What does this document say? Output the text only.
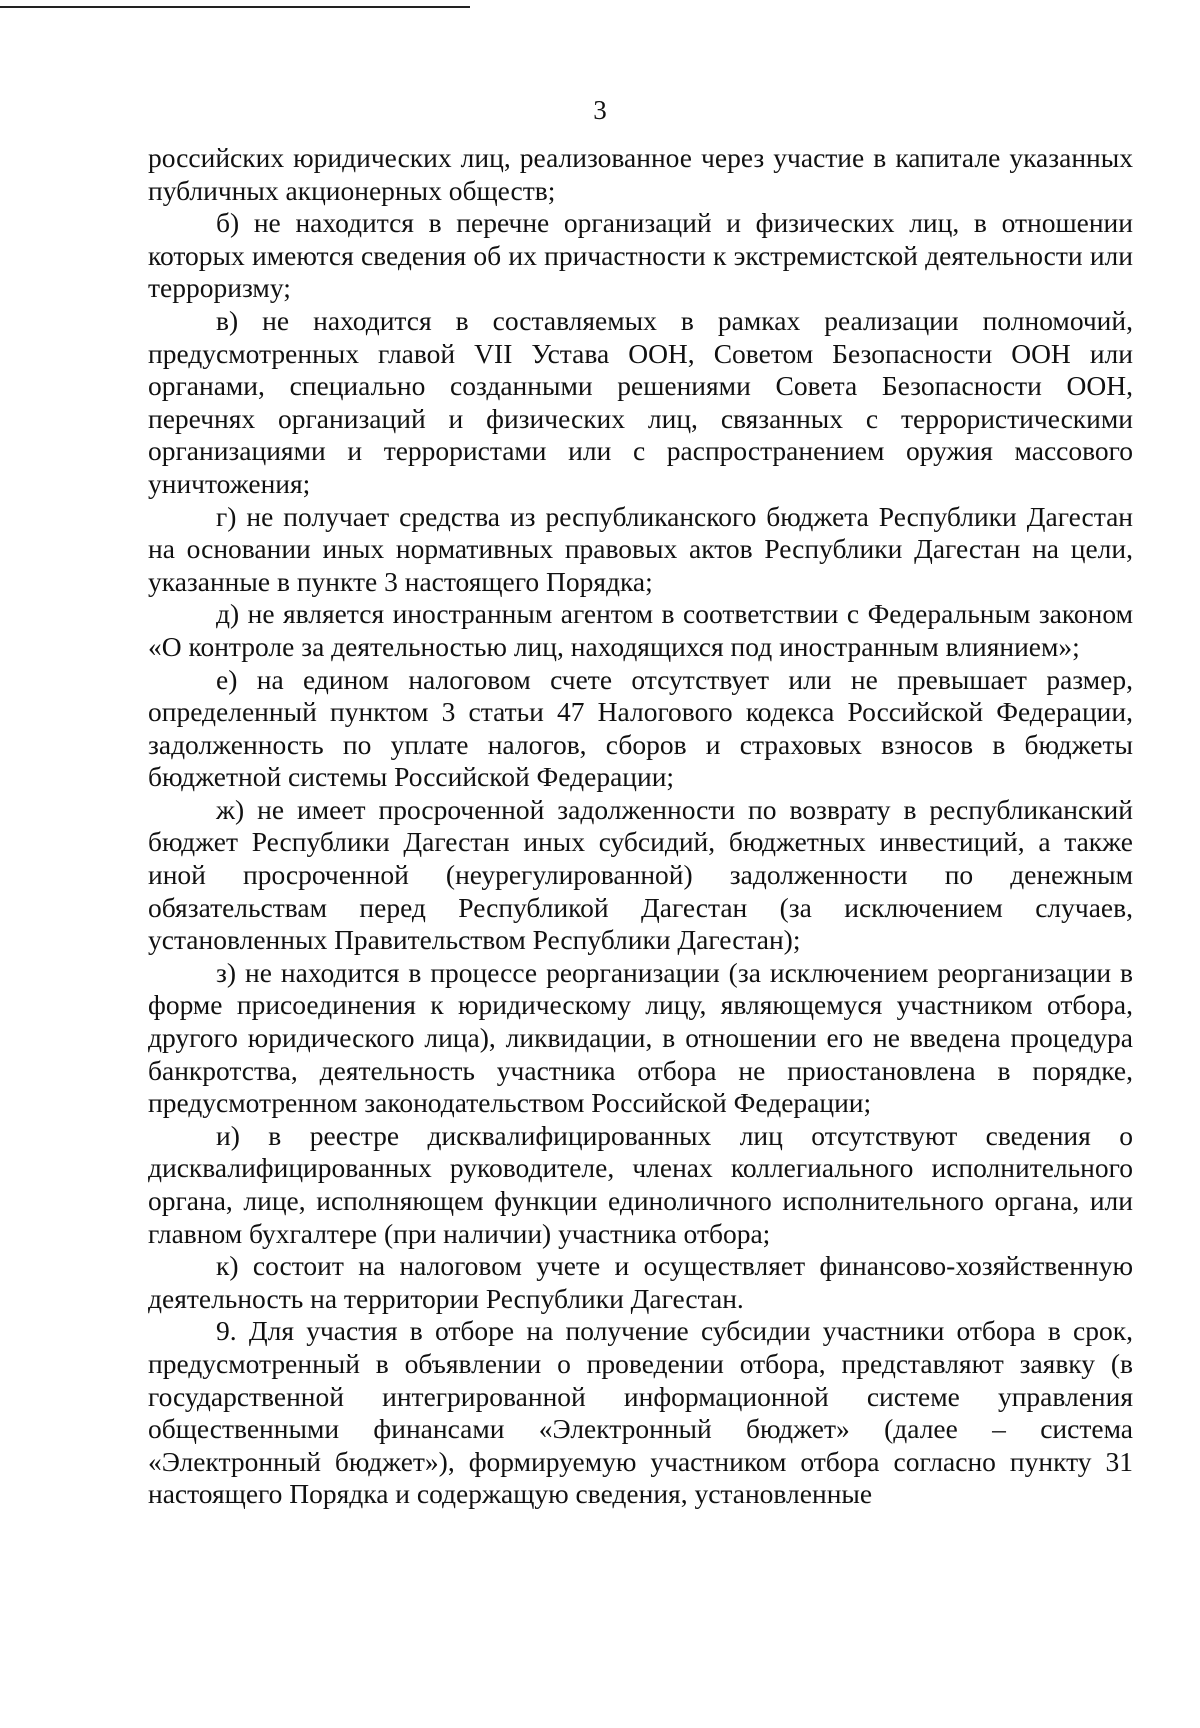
3

российских юридических лиц, реализованное через участие в капитале указанных публичных акционерных обществ;

б) не находится в перечне организаций и физических лиц, в отношении которых имеются сведения об их причастности к экстремистской деятельности или терроризму;

в) не находится в составляемых в рамках реализации полномочий, предусмотренных главой VII Устава ООН, Советом Безопасности ООН или органами, специально созданными решениями Совета Безопасности ООН, перечнях организаций и физических лиц, связанных с террористическими организациями и террористами или с распространением оружия массового уничтожения;

г) не получает средства из республиканского бюджета Республики Дагестан на основании иных нормативных правовых актов Республики Дагестан на цели, указанные в пункте 3 настоящего Порядка;

д) не является иностранным агентом в соответствии с Федеральным законом «О контроле за деятельностью лиц, находящихся под иностранным влиянием»;

е) на едином налоговом счете отсутствует или не превышает размер, определенный пунктом 3 статьи 47 Налогового кодекса Российской Федерации, задолженность по уплате налогов, сборов и страховых взносов в бюджеты бюджетной системы Российской Федерации;

ж) не имеет просроченной задолженности по возврату в республиканский бюджет Республики Дагестан иных субсидий, бюджетных инвестиций, а также иной просроченной (неурегулированной) задолженности по денежным обязательствам перед Республикой Дагестан (за исключением случаев, установленных Правительством Республики Дагестан);

з) не находится в процессе реорганизации (за исключением реорганизации в форме присоединения к юридическому лицу, являющемуся участником отбора, другого юридического лица), ликвидации, в отношении его не введена процедура банкротства, деятельность участника отбора не приостановлена в порядке, предусмотренном законодательством Российской Федерации;

и) в реестре дисквалифицированных лиц отсутствуют сведения о дисквалифицированных руководителе, членах коллегиального исполнительного органа, лице, исполняющем функции единоличного исполнительного органа, или главном бухгалтере (при наличии) участника отбора;

к) состоит на налоговом учете и осуществляет финансово-хозяйственную деятельность на территории Республики Дагестан.

9. Для участия в отборе на получение субсидии участники отбора в срок, предусмотренный в объявлении о проведении отбора, представляют заявку (в государственной интегрированной информационной системе управления общественными финансами «Электронный бюджет» (далее – система «Электронный бюджет»), формируемую участником отбора согласно пункту 31 настоящего Порядка и содержащую сведения, установленные
